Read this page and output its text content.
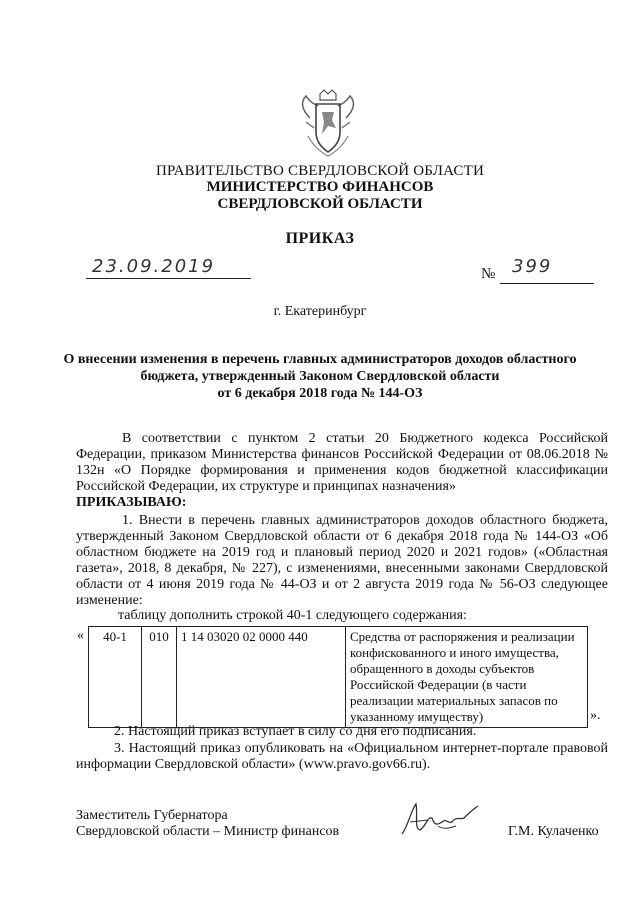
ПРАВИТЕЛЬСТВО СВЕРДЛОВСКОЙ ОБЛАСТИ
МИНИСТЕРСТВО ФИНАНСОВ
СВЕРДЛОВСКОЙ ОБЛАСТИ
ПРИКАЗ
23.09.2019	№ 399
г. Екатеринбург
О внесении изменения в перечень главных администраторов доходов областного
бюджета, утвержденный Законом Свердловской области
от 6 декабря 2018 года № 144-ОЗ
В соответствии с пунктом 2 статьи 20 Бюджетного кодекса Российской Федерации, приказом Министерства финансов Российской Федерации от 08.06.2018 № 132н «О Порядке формирования и применения кодов бюджетной классификации Российской Федерации, их структуре и принципах назначения»
ПРИКАЗЫВАЮ:
1. Внести в перечень главных администраторов доходов областного бюджета, утвержденный Законом Свердловской области от 6 декабря 2018 года № 144-ОЗ «Об областном бюджете на 2019 год и плановый период 2020 и 2021 годов» («Областная газета», 2018, 8 декабря, № 227), с изменениями, внесенными законами Свердловской области от 4 июня 2019 года № 44-ОЗ и от 2 августа 2019 года № 56-ОЗ следующее изменение:
таблицу дополнить строкой 40-1 следующего содержания:
« 40-1	010	1 14 03020 02 0000 440	Средства от распоряжения и реализации конфискованного и иного имущества, обращенного в доходы субъектов Российской Федерации (в части реализации материальных запасов по указанному имуществу)	».
2. Настоящий приказ вступает в силу со дня его подписания.
3. Настоящий приказ опубликовать на «Официальном интернет-портале правовой информации Свердловской области» (www.pravo.gov66.ru).
Заместитель Губернатора
Свердловской области – Министр финансов	Г.М. Кулаченко
